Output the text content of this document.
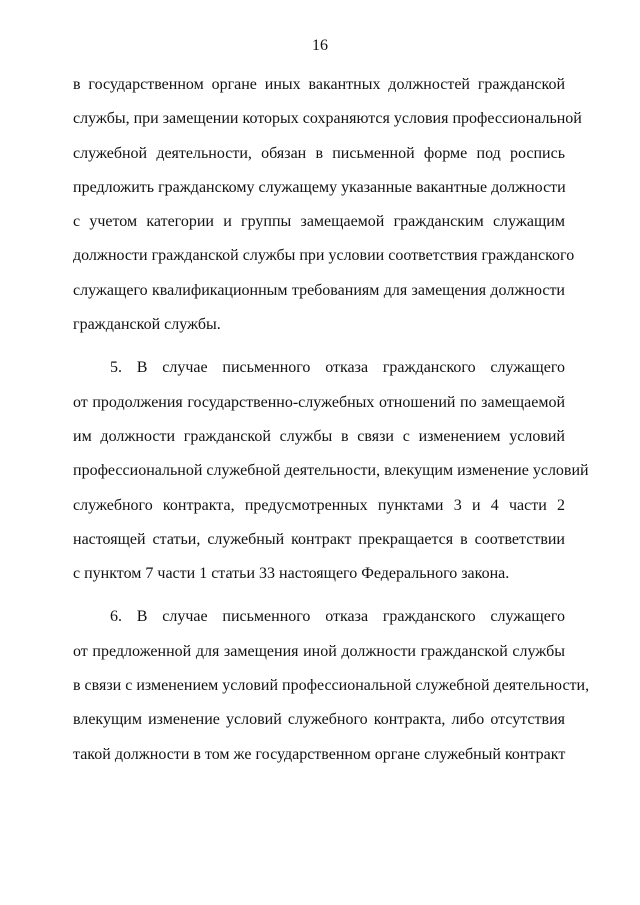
16
в государственном органе иных вакантных должностей гражданской
службы, при замещении которых сохраняются условия профессиональной
служебной деятельности, обязан в письменной форме под роспись
предложить гражданскому служащему указанные вакантные должности
с учетом категории и группы замещаемой гражданским служащим
должности гражданской службы при условии соответствия гражданского
служащего квалификационным требованиям для замещения должности
гражданской службы.
5. В случае письменного отказа гражданского служащего
от продолжения государственно-служебных отношений по замещаемой
им должности гражданской службы в связи с изменением условий
профессиональной служебной деятельности, влекущим изменение условий
служебного контракта, предусмотренных пунктами 3 и 4 части 2
настоящей статьи, служебный контракт прекращается в соответствии
с пунктом 7 части 1 статьи 33 настоящего Федерального закона.
6. В случае письменного отказа гражданского служащего
от предложенной для замещения иной должности гражданской службы
в связи с изменением условий профессиональной служебной деятельности,
влекущим изменение условий служебного контракта, либо отсутствия
такой должности в том же государственном органе служебный контракт
